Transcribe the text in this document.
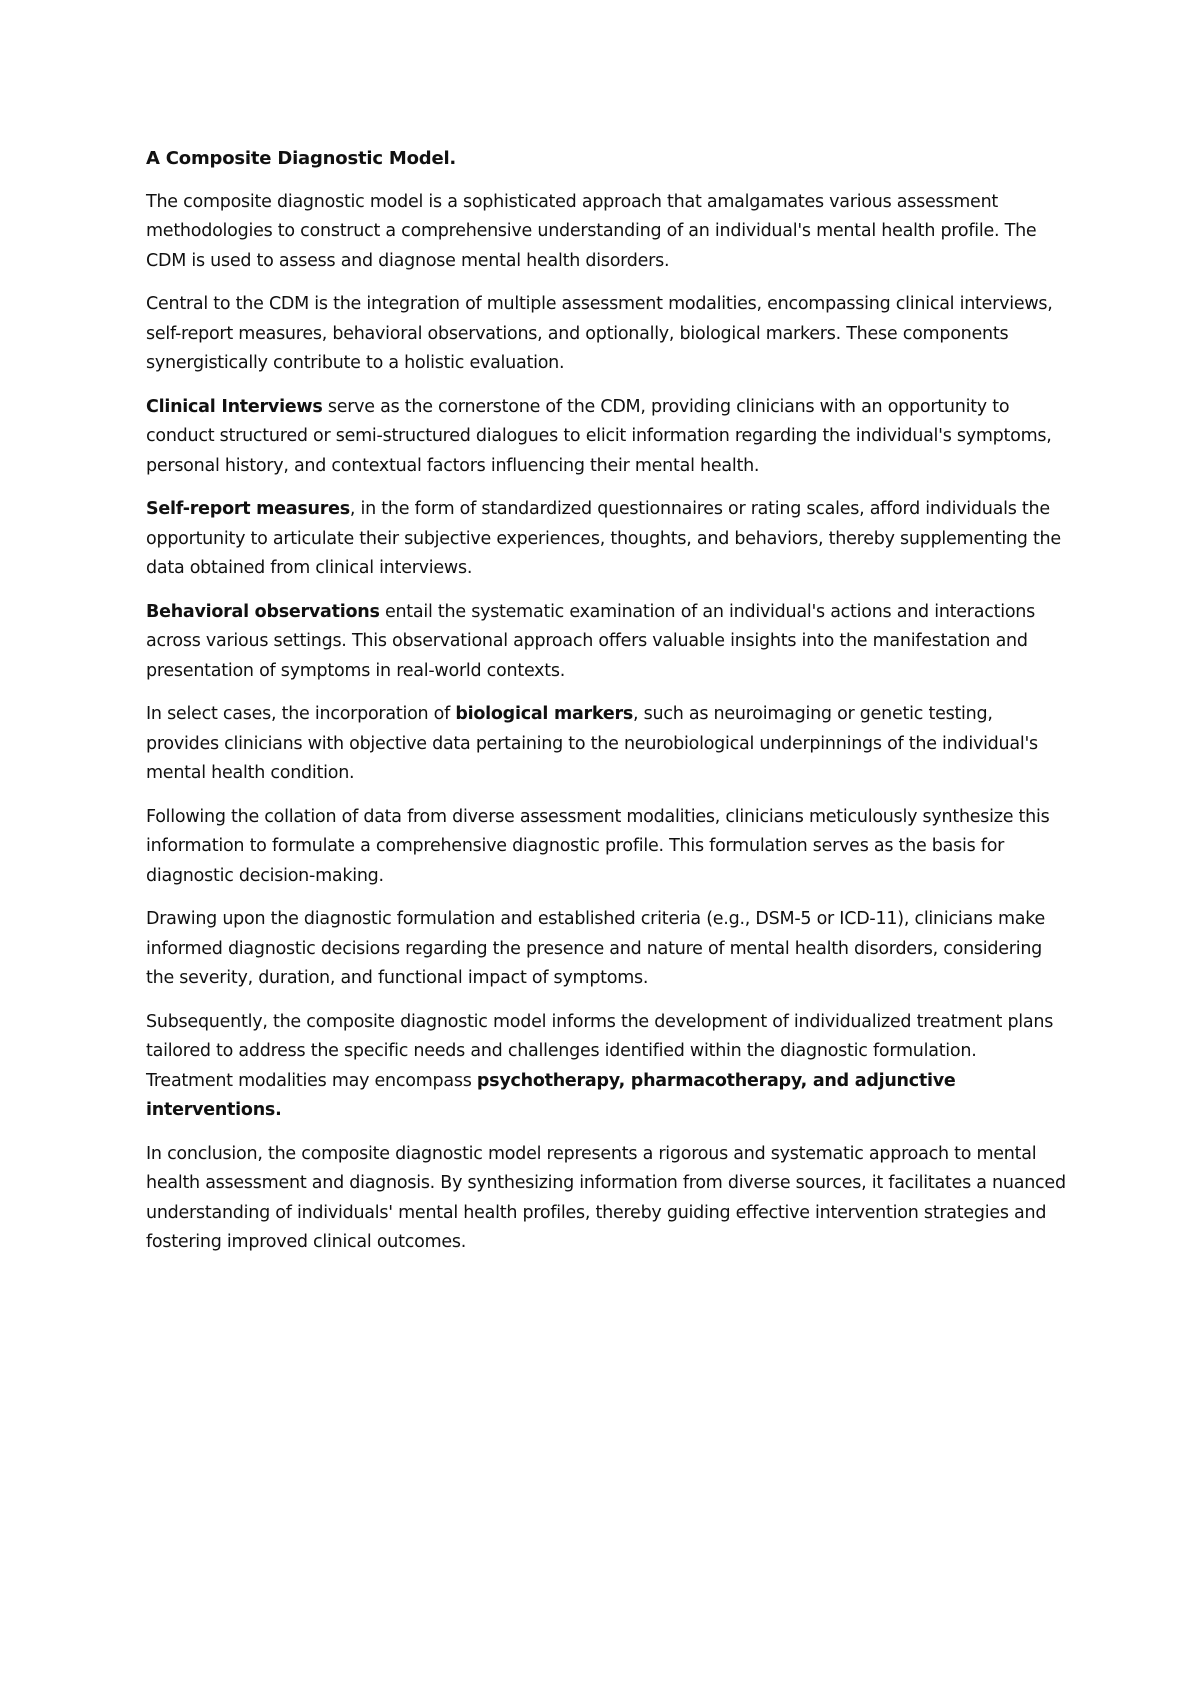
A Composite Diagnostic Model.

The composite diagnostic model is a sophisticated approach that amalgamates various assessment methodologies to construct a comprehensive understanding of an individual's mental health profile. The CDM is used to assess and diagnose mental health disorders.

Central to the CDM is the integration of multiple assessment modalities, encompassing clinical interviews, self-report measures, behavioral observations, and optionally, biological markers. These components synergistically contribute to a holistic evaluation.

Clinical Interviews serve as the cornerstone of the CDM, providing clinicians with an opportunity to conduct structured or semi-structured dialogues to elicit information regarding the individual's symptoms, personal history, and contextual factors influencing their mental health.

Self-report measures, in the form of standardized questionnaires or rating scales, afford individuals the opportunity to articulate their subjective experiences, thoughts, and behaviors, thereby supplementing the data obtained from clinical interviews.

Behavioral observations entail the systematic examination of an individual's actions and interactions across various settings. This observational approach offers valuable insights into the manifestation and presentation of symptoms in real-world contexts.

In select cases, the incorporation of biological markers, such as neuroimaging or genetic testing, provides clinicians with objective data pertaining to the neurobiological underpinnings of the individual's mental health condition.

Following the collation of data from diverse assessment modalities, clinicians meticulously synthesize this information to formulate a comprehensive diagnostic profile. This formulation serves as the basis for diagnostic decision-making.

Drawing upon the diagnostic formulation and established criteria (e.g., DSM-5 or ICD-11), clinicians make informed diagnostic decisions regarding the presence and nature of mental health disorders, considering the severity, duration, and functional impact of symptoms.

Subsequently, the composite diagnostic model informs the development of individualized treatment plans tailored to address the specific needs and challenges identified within the diagnostic formulation. Treatment modalities may encompass psychotherapy, pharmacotherapy, and adjunctive interventions.

In conclusion, the composite diagnostic model represents a rigorous and systematic approach to mental health assessment and diagnosis. By synthesizing information from diverse sources, it facilitates a nuanced understanding of individuals' mental health profiles, thereby guiding effective intervention strategies and fostering improved clinical outcomes.
